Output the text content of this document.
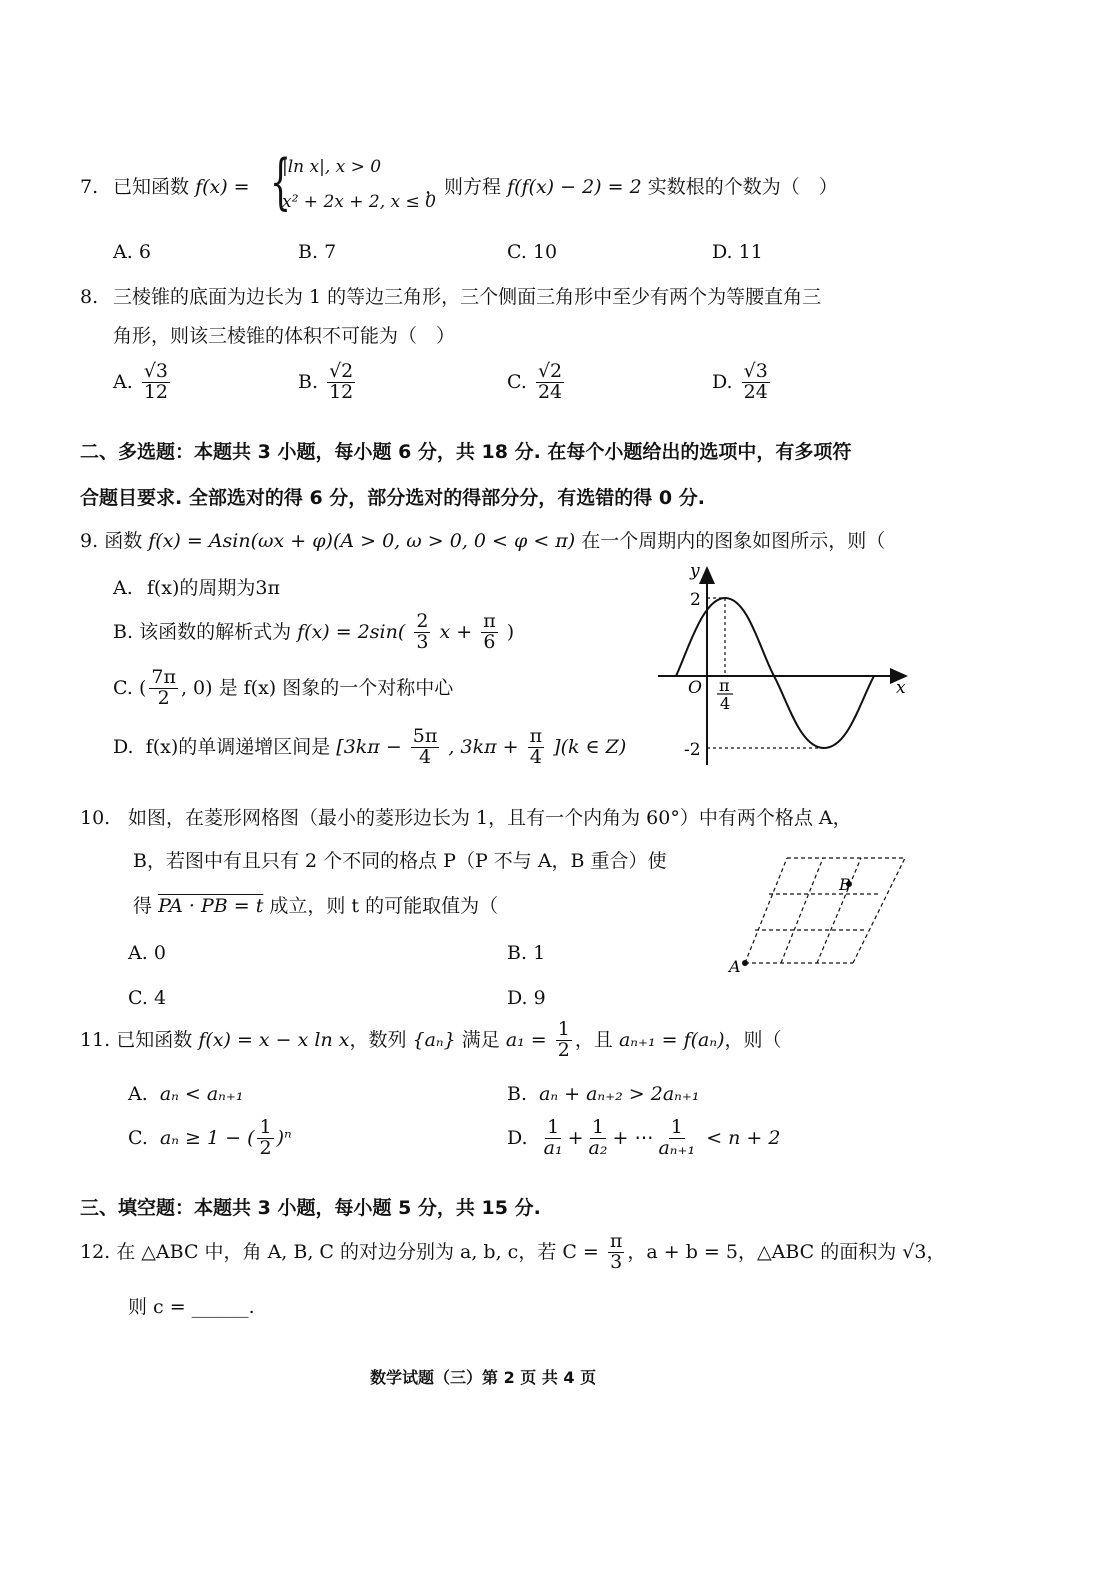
7. 已知函数 f(x) = {
|ln x|, x > 0
x² + 2x + 2, x ≤ 0
，则方程 f(f(x) − 2) = 2 实数根的个数为（　）
A. 6	B. 7	C. 10	D. 11
8. 三棱锥的底面为边长为 1 的等边三角形，三个侧面三角形中至少有两个为等腰直角三
角形，则该三棱锥的体积不可能为（　）
A. $\frac{√3}{12}$	B. $\frac{√2}{12}$	C. $\frac{√2}{24}$	D. $\frac{√3}{24}$
二、多选题：本题共 3 小题，每小题 6 分，共 18 分. 在每个小题给出的选项中，有多项符
合题目要求. 全部选对的得 6 分，部分选对的得部分分，有选错的得 0 分.
9. 函数 f(x) = Asin(ωx + φ)(A > 0, ω > 0, 0 < φ < π) 在一个周期内的图象如图所示，则（
A. f(x)的周期为3π
B. 该函数的解析式为 $f(x) = 2\sin( \frac{2}{3}$ $x + \frac{\pi}{6}$ )
C. ( $\frac{7\pi}{2}$ , 0) 是 f(x) 图象的一个对称中心
D. f(x)的单调递增区间是 [$3k\pi - \frac{5\pi}{4}$ , $3k\pi + \frac{\pi}{4} ](k$ ∈ Z)
y
x
O
2
-2
π
4
10. 如图，在菱形网格图（最小的菱形边长为 1，且有一个内角为 60°）中有两个格点 A，
B，若图中有且只有 2 个不同的格点 P（P 不与 A，B 重合）使
得 PA · PB = t 成立，则 t 的可能取值为（
A
B
A. 0	B. 1
C. 4	D. 9
11. 已知函数 f(x) = x − x ln x，数列 {aₙ} 满足 $a_1 = \frac{1}{2}$ ，且 aₙ₊₁ = f(aₙ)，则（
A. aₙ < aₙ₊₁	B. aₙ + aₙ₊₂ > 2aₙ₊₁
C. aₙ ≥ 1 − ( $\frac{1}{2} )^n$	D. $\frac{1}{\text{a₁}} + \frac{1}{\text{a₂}}$ + ⋯ $\frac{1}{\text{aₙ₊₁}} < n + 2$
三、填空题：本题共 3 小题，每小题 5 分，共 15 分.
12. 在 △ABC 中，角 A, B, C 的对边分别为 a, b, c，若 $C = \frac{\pi}{3}$ ，a + b = 5，△ABC 的面积为 √3，
则 c = ______.
数学试题（三）第 2 页 共 4 页
